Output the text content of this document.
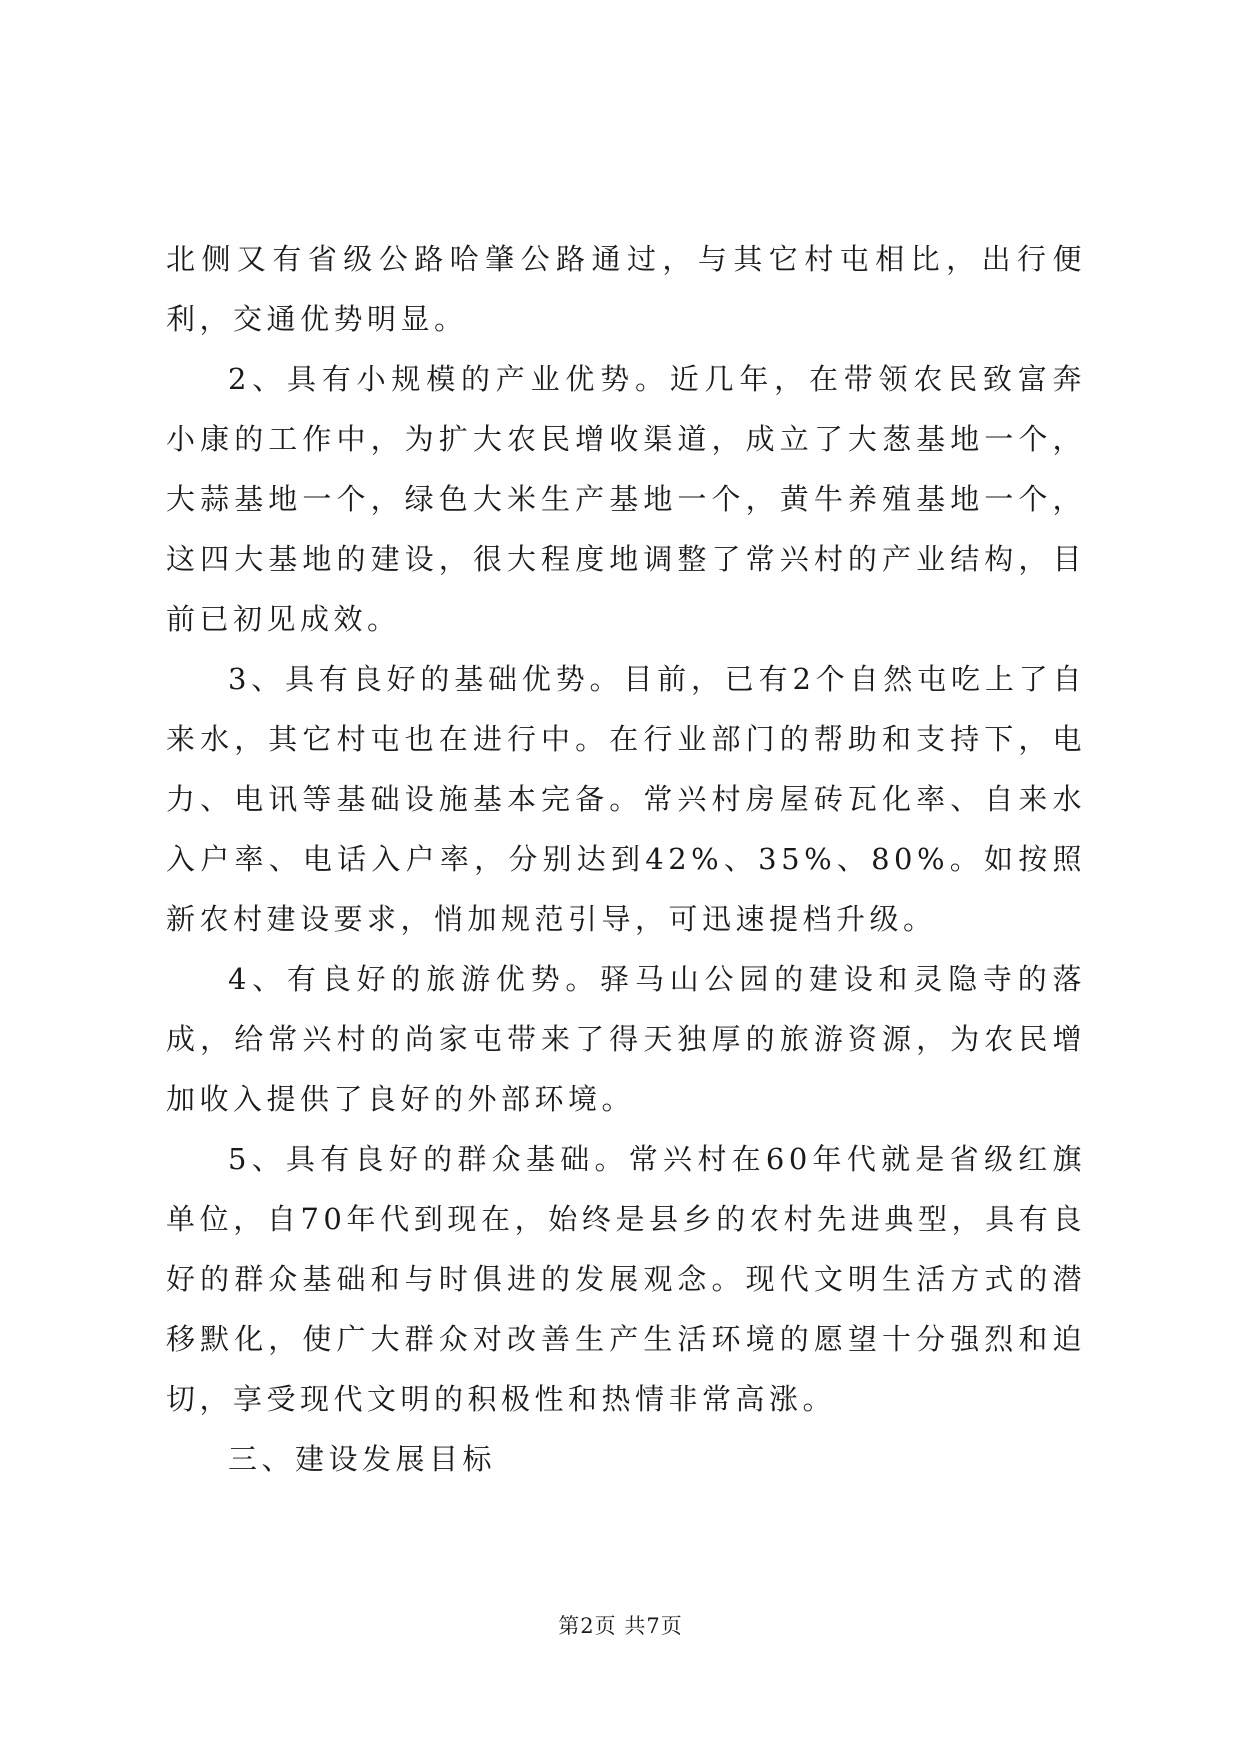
北侧又有省级公路哈肇公路通过，与其它村屯相比，出行便利，交通优势明显。

2、具有小规模的产业优势。近几年，在带领农民致富奔小康的工作中，为扩大农民增收渠道，成立了大葱基地一个，大蒜基地一个，绿色大米生产基地一个，黄牛养殖基地一个，这四大基地的建设，很大程度地调整了常兴村的产业结构，目前已初见成效。

3、具有良好的基础优势。目前，已有2个自然屯吃上了自来水，其它村屯也在进行中。在行业部门的帮助和支持下，电力、电讯等基础设施基本完备。常兴村房屋砖瓦化率、自来水入户率、电话入户率，分别达到42%、35%、80%。如按照新农村建设要求，悄加规范引导，可迅速提档升级。

4、有良好的旅游优势。驿马山公园的建设和灵隐寺的落成，给常兴村的尚家屯带来了得天独厚的旅游资源，为农民增加收入提供了良好的外部环境。

5、具有良好的群众基础。常兴村在60年代就是省级红旗单位，自70年代到现在，始终是县乡的农村先进典型，具有良好的群众基础和与时俱进的发展观念。现代文明生活方式的潜移默化，使广大群众对改善生产生活环境的愿望十分强烈和迫切，享受现代文明的积极性和热情非常高涨。

三、建设发展目标

第2页 共7页
